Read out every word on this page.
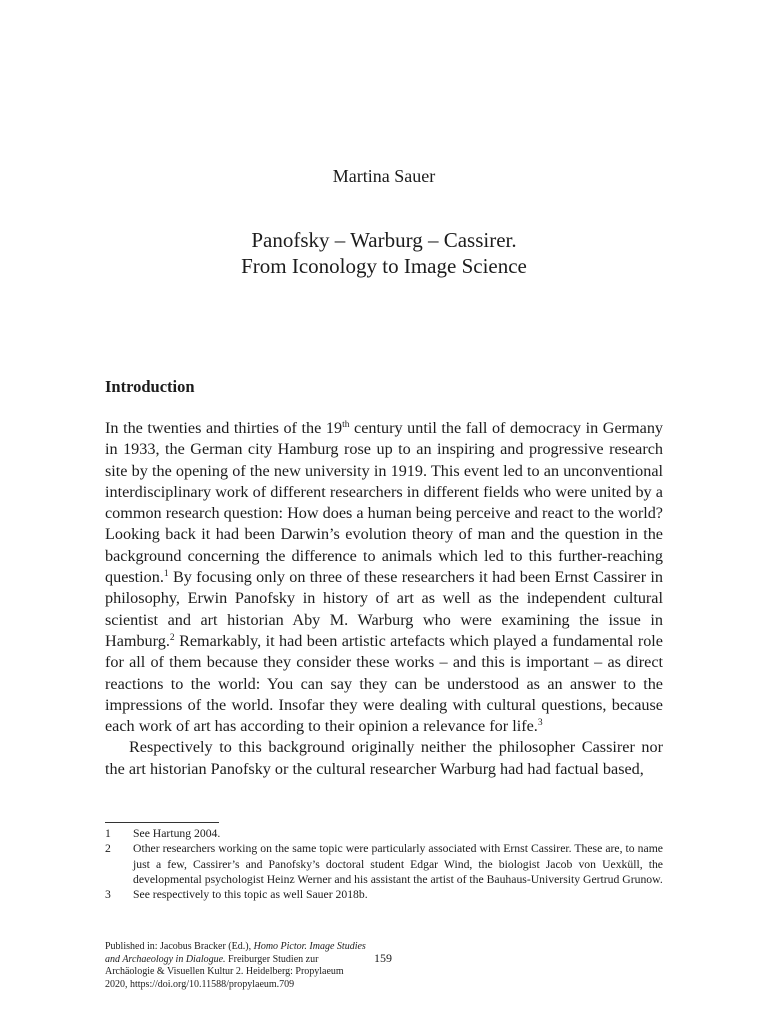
Martina Sauer
Panofsky – Warburg – Cassirer.
From Iconology to Image Science
Introduction

In the twenties and thirties of the 19th century until the fall of democracy in Germany in 1933, the German city Hamburg rose up to an inspiring and progressive research site by the opening of the new university in 1919. This event led to an unconventional interdisciplinary work of different researchers in different fields who were united by a common research question: How does a human being perceive and react to the world? Looking back it had been Darwin’s evolution theory of man and the question in the background concerning the difference to animals which led to this further-reaching question.$^1$ By focusing only on three of these researchers it had been Ernst Cassirer in philosophy, Erwin Panofsky in history of art as well as the independent cultural scientist and art historian Aby M. Warburg who were examining the issue in Hamburg.$^2$ Remarkably, it had been artistic artefacts which played a fundamental role for all of them because they consider these works – and this is important – as direct reactions to the world: You can say they can be understood as an answer to the impressions of the world. Insofar they were dealing with cultural questions, because each work of art has according to their opinion a relevance for life.$^3$

Respectively to this background originally neither the philosopher Cassirer nor the art historian Panofsky or the cultural researcher Warburg had had factual based,

1	See Hartung 2004.
2	Other researchers working on the same topic were particularly associated with Ernst Cassirer. These are, to name just a few, Cassirer’s and Panofsky’s doctoral student Edgar Wind, the biologist Jacob von Uexküll, the developmental psychologist Heinz Werner and his assistant the artist of the Bauhaus-University Gertrud Grunow.
3	See respectively to this topic as well Sauer 2018b.
Published in: Jacobus Bracker (Ed.), Homo Pictor. Image Studies and Archaeology in Dialogue. Freiburger Studien zur Archäologie & Visuellen Kultur 2. Heidelberg: Propylaeum 2020, https://doi.org/10.11588/propylaeum.709
159
